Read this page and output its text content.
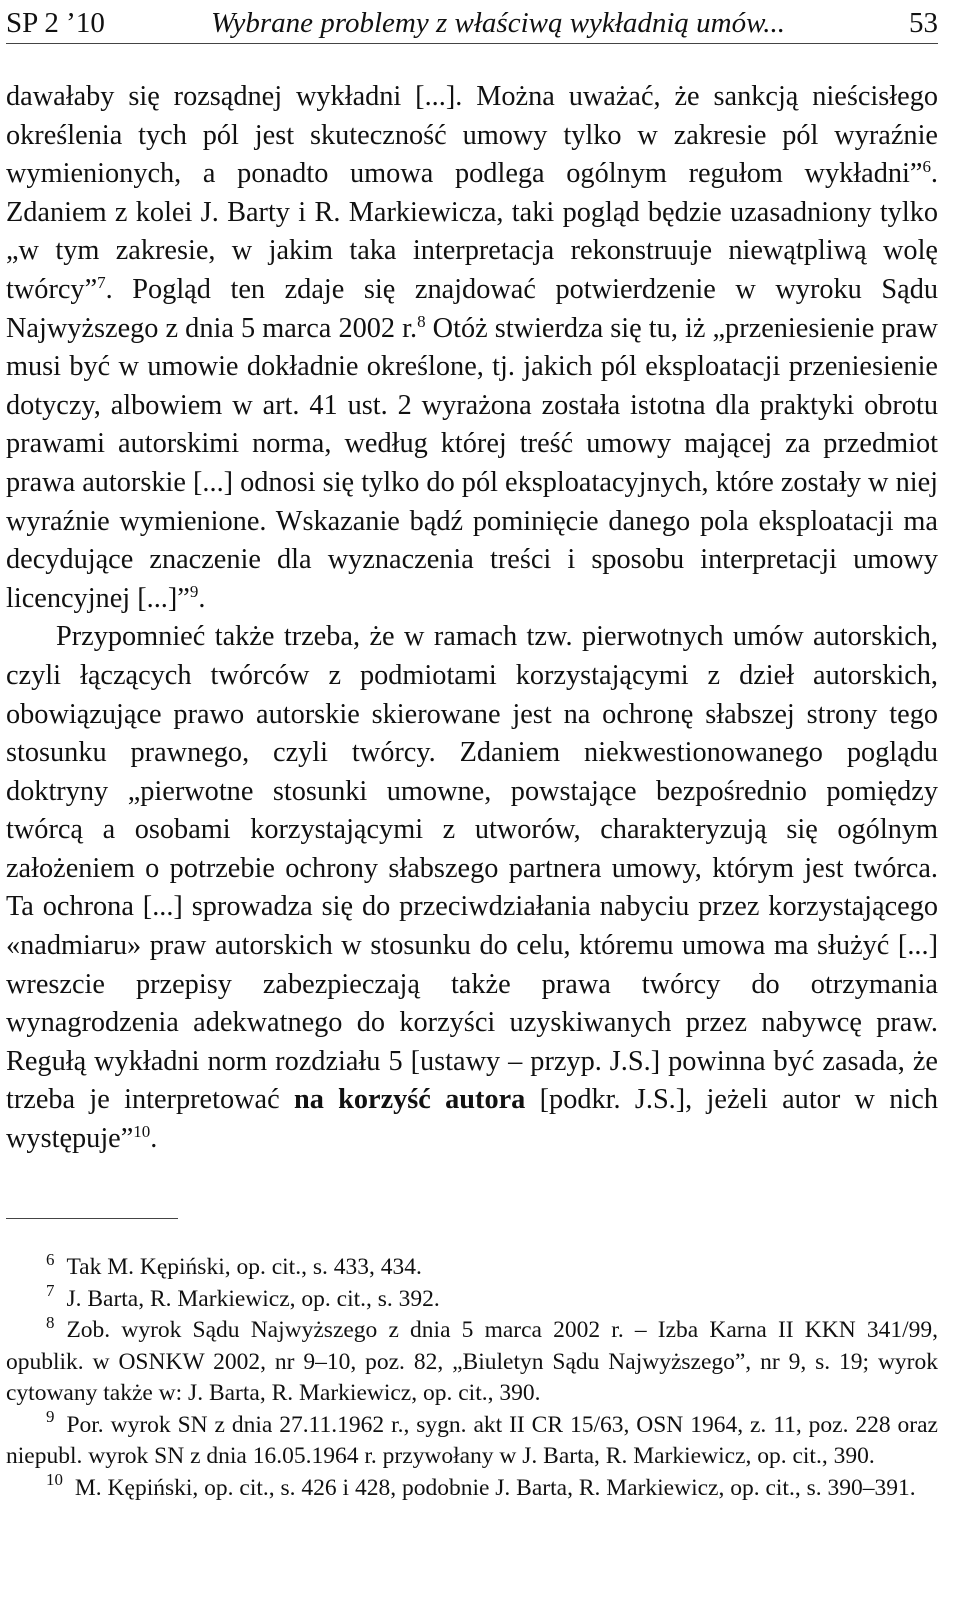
SP 2 ’10	Wybrane problemy z właściwą wykładnią umów...	53

dawałaby się rozsądnej wykładni [...]. Można uważać, że sankcją nieścisłego określenia tych pól jest skuteczność umowy tylko w zakresie pól wyraźnie wymienionych, a ponadto umowa podlega ogólnym regułom wykładni”$^6$. Zdaniem z kolei J. Barty i R. Markiewicza, taki pogląd będzie uzasadniony tylko „w tym zakresie, w jakim taka interpretacja rekonstruuje niewątpliwą wolę twórcy”$^7$. Pogląd ten zdaje się znajdować potwierdzenie w wyroku Sądu Najwyższego z dnia 5 marca 2002 r.$^8$ Otóż stwierdza się tu, iż „przeniesienie praw musi być w umowie dokładnie określone, tj. jakich pól eksploatacji przeniesienie dotyczy, albowiem w art. 41 ust. 2 wyrażona została istotna dla praktyki obrotu prawami autorskimi norma, według której treść umowy mającej za przedmiot prawa autorskie [...] odnosi się tylko do pól eksploatacyjnych, które zostały w niej wyraźnie wymienione. Wskazanie bądź pominięcie danego pola eksploatacji ma decydujące znaczenie dla wyznaczenia treści i sposobu interpretacji umowy licencyjnej [...]”$^9$.

Przypomnieć także trzeba, że w ramach tzw. pierwotnych umów autorskich, czyli łączących twórców z podmiotami korzystającymi z dzieł autorskich, obowiązujące prawo autorskie skierowane jest na ochronę słabszej strony tego stosunku prawnego, czyli twórcy. Zdaniem niekwestionowanego poglądu doktryny „pierwotne stosunki umowne, powstające bezpośrednio pomiędzy twórcą a osobami korzystającymi z utworów, charakteryzują się ogólnym założeniem o potrzebie ochrony słabszego partnera umowy, którym jest twórca. Ta ochrona [...] sprowadza się do przeciwdziałania nabyciu przez korzystającego «nadmiaru» praw autorskich w stosunku do celu, któremu umowa ma służyć [...] wreszcie przepisy zabezpieczają także prawa twórcy do otrzymania wynagrodzenia adekwatnego do korzyści uzyskiwanych przez nabywcę praw. Regułą wykładni norm rozdziału 5 [ustawy – przyp. J.S.] powinna być zasada, że trzeba je interpretować na korzyść autora [podkr. J.S.], jeżeli autor w nich występuje”$^{10}$.

$^6$ Tak M. Kępiński, op. cit., s. 433, 434.

$^7$ J. Barta, R. Markiewicz, op. cit., s. 392.

$^8$ Zob. wyrok Sądu Najwyższego z dnia 5 marca 2002 r. – Izba Karna II KKN 341/99, opublik. w OSNKW 2002, nr 9–10, poz. 82, „Biuletyn Sądu Najwyższego”, nr 9, s. 19; wyrok cytowany także w: J. Barta, R. Markiewicz, op. cit., 390.

$^9$ Por. wyrok SN z dnia 27.11.1962 r., sygn. akt II CR 15/63, OSN 1964, z. 11, poz. 228 oraz niepubl. wyrok SN z dnia 16.05.1964 r. przywołany w J. Barta, R. Markiewicz, op. cit., 390.

$^{10}$ M. Kępiński, op. cit., s. 426 i 428, podobnie J. Barta, R. Markiewicz, op. cit., s. 390–391.
